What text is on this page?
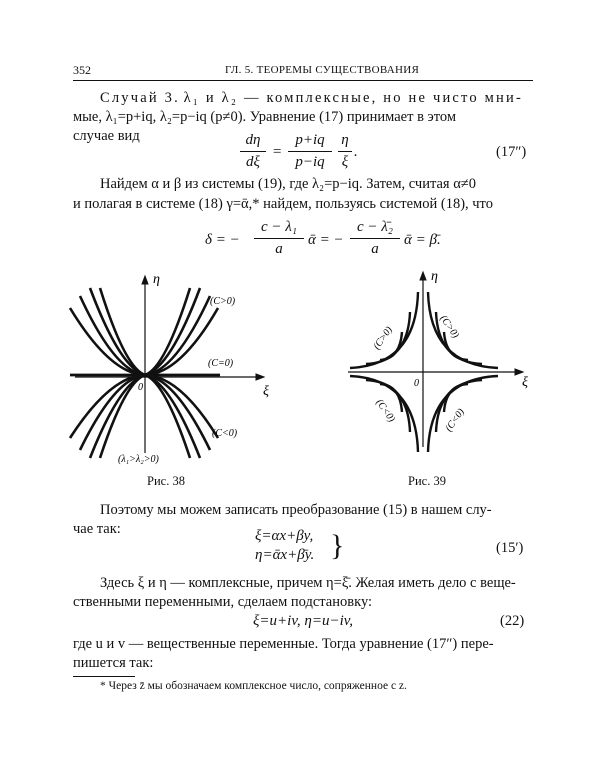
352	ГЛ. 5. ТЕОРЕМЫ СУЩЕСТВОВАНИЯ
Случай 3. λ₁ и λ₂ — комплексные, но не чисто мни-
мые, λ₁=p+iq, λ₂=p−iq (p≠0). Уравнение (17) принимает в этом
случае вид	dη
dξ
=
p+iq
p−iq
η
ξ
.	(17″)
Найдем α и β из системы (19), где λ₂=p−iq. Затем, считая α≠0
и полагая в системе (18) γ=ᾱ,* найдем, пользуясь системой (18), что
δ = −
c − λ₁
a
ᾱ = −
c − λ̄₂
a
ᾱ = β̄.
η
ξ
0
(C>0)
(C=0)
(C<0)
(λ₁>λ₂>0)
Рис. 38
η
ξ
0
(C>0)	(C>0)
(C<0)	(C<0)
Рис. 39
Поэтому мы можем записать преобразование (15) в нашем слу-
чае так:	ξ=αx+βy,
η=ᾱx+β̄y. }	(15′)
Здесь ξ и η — комплексные, причем η=ξ̄. Желая иметь дело с веще-
ственными переменными, сделаем подстановку:
ξ=u+iv, η=u−iv,	(22)
где u и v — вещественные переменные. Тогда уравнение (17″) пере-
пишется так:
* Через z̄ мы обозначаем комплексное число, сопряженное с z.
